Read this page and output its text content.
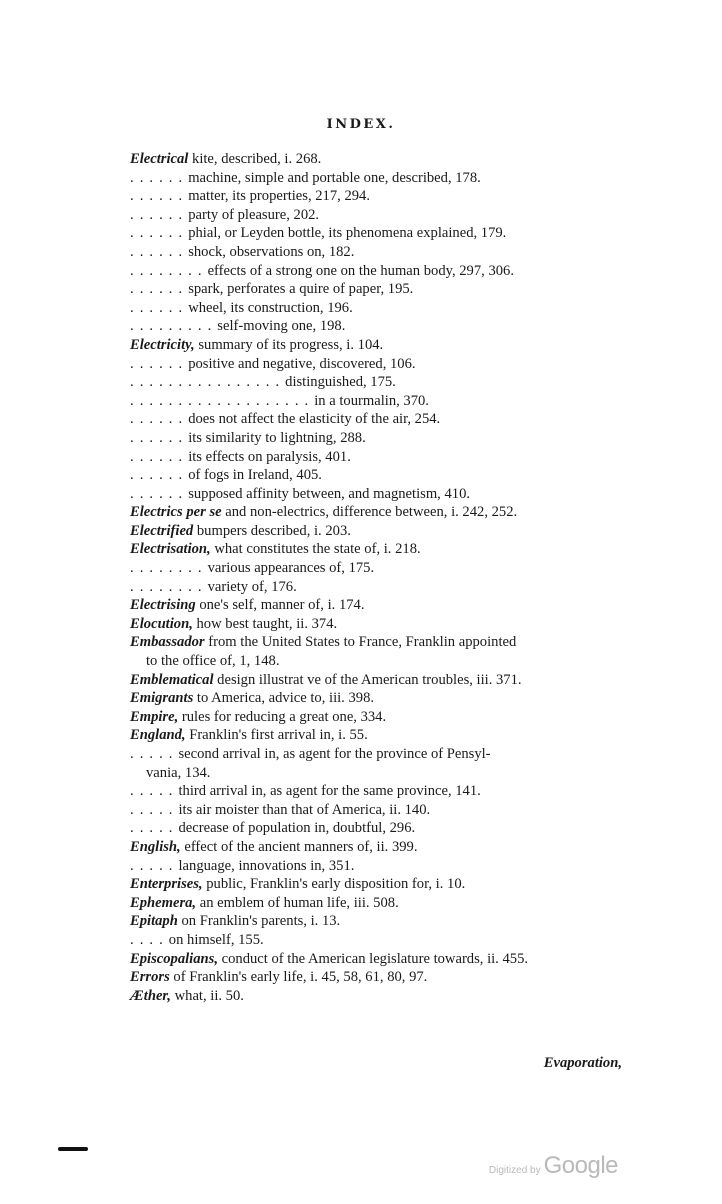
INDEX.
Electrical kite, described, i. 268.
. . . . . . machine, simple and portable one, described, 178.
. . . . . . matter, its properties, 217, 294.
. . . . . . party of pleasure, 202.
. . . . . . phial, or Leyden bottle, its phenomena explained, 179.
. . . . . . shock, observations on, 182.
. . . . . . . . effects of a strong one on the human body, 297, 306.
. . . . . . spark, perforates a quire of paper, 195.
. . . . . . wheel, its construction, 196.
. . . . . . . . . self-moving one, 198.
Electricity, summary of its progress, i. 104.
. . . . . . positive and negative, discovered, 106.
. . . . . . . . . . . . . . . . distinguished, 175.
. . . . . . . . . . . . . . . . . . . in a tourmalin, 370.
. . . . . . does not affect the elasticity of the air, 254.
. . . . . . its similarity to lightning, 288.
. . . . . . its effects on paralysis, 401.
. . . . . . of fogs in Ireland, 405.
. . . . . . supposed affinity between, and magnetism, 410.
Electrics per se and non-electrics, difference between, i. 242, 252.
Electrified bumpers described, i. 203.
Electrisation, what constitutes the state of, i. 218.
. . . . . . . . various appearances of, 175.
. . . . . . . . variety of, 176.
Electrising one's self, manner of, i. 174.
Elocution, how best taught, ii. 374.
Embassador from the United States to France, Franklin appointed
to the office of, 1, 148.
Emblematical design illustrat ve of the American troubles, iii. 371.
Emigrants to America, advice to, iii. 398.
Empire, rules for reducing a great one, 334.
England, Franklin's first arrival in, i. 55.
. . . . . second arrival in, as agent for the province of Pensyl-
vania, 134.
. . . . . third arrival in, as agent for the same province, 141.
. . . . . its air moister than that of America, ii. 140.
. . . . . decrease of population in, doubtful, 296.
English, effect of the ancient manners of, ii. 399.
. . . . . language, innovations in, 351.
Enterprises, public, Franklin's early disposition for, i. 10.
Ephemera, an emblem of human life, iii. 508.
Epitaph on Franklin's parents, i. 13.
. . . . on himself, 155.
Episcopalians, conduct of the American legislature towards, ii. 455.
Errors of Franklin's early life, i. 45, 58, 61, 80, 97.
Æther, what, ii. 50.
Evaporation,
Digitized by Google
